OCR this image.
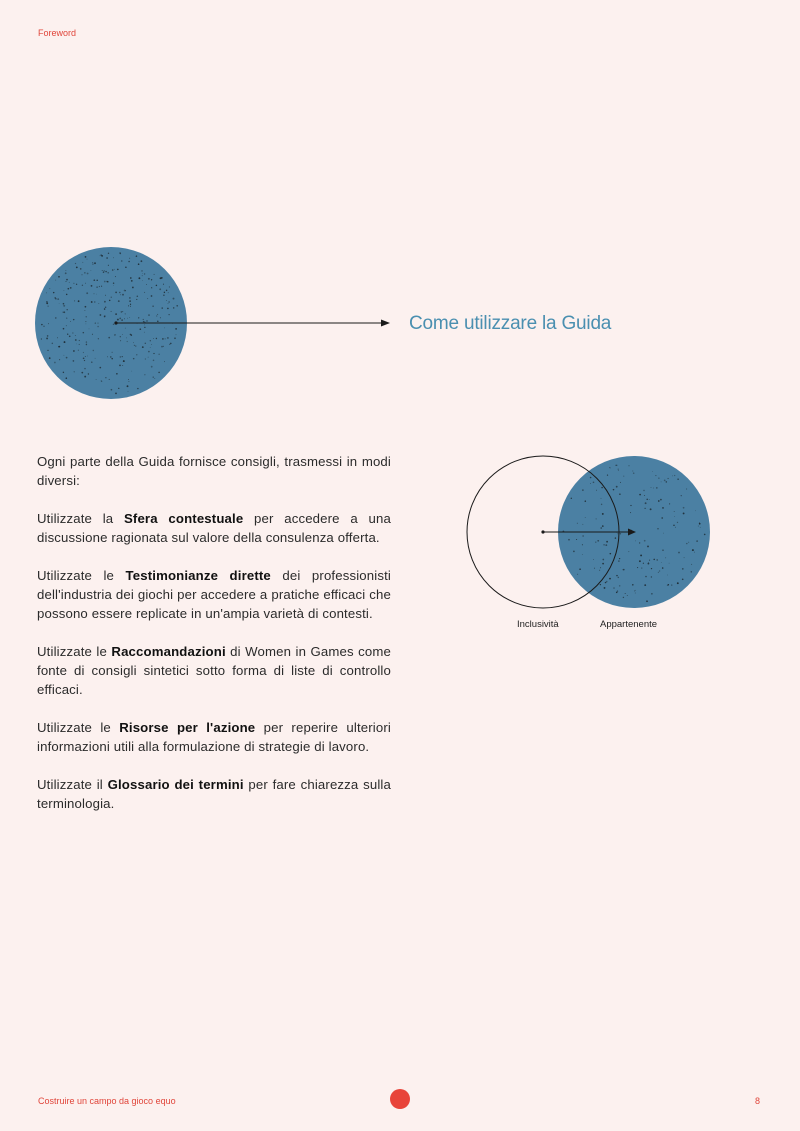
Foreword
Come utilizzare la Guida

Ogni parte della Guida fornisce consigli, trasmessi in modi diversi:

Utilizzate la Sfera contestuale per accedere a una discussione ragionata sul valore della consulenza offerta.

Utilizzate le Testimonianze dirette dei professionisti dell'industria dei giochi per accedere a pratiche efficaci che possono essere replicate in un'ampia varietà di contesti.

Utilizzate le Raccomandazioni di Women in Games come fonte di consigli sintetici sotto forma di liste di controllo efficaci.

Utilizzate le Risorse per l'azione per reperire ulteriori informazioni utili alla formulazione di strategie di lavoro.

Utilizzate il Glossario dei termini per fare chiarezza sulla terminologia.

Inclusività	Appartenente
Costruire un campo da gioco equo	8
